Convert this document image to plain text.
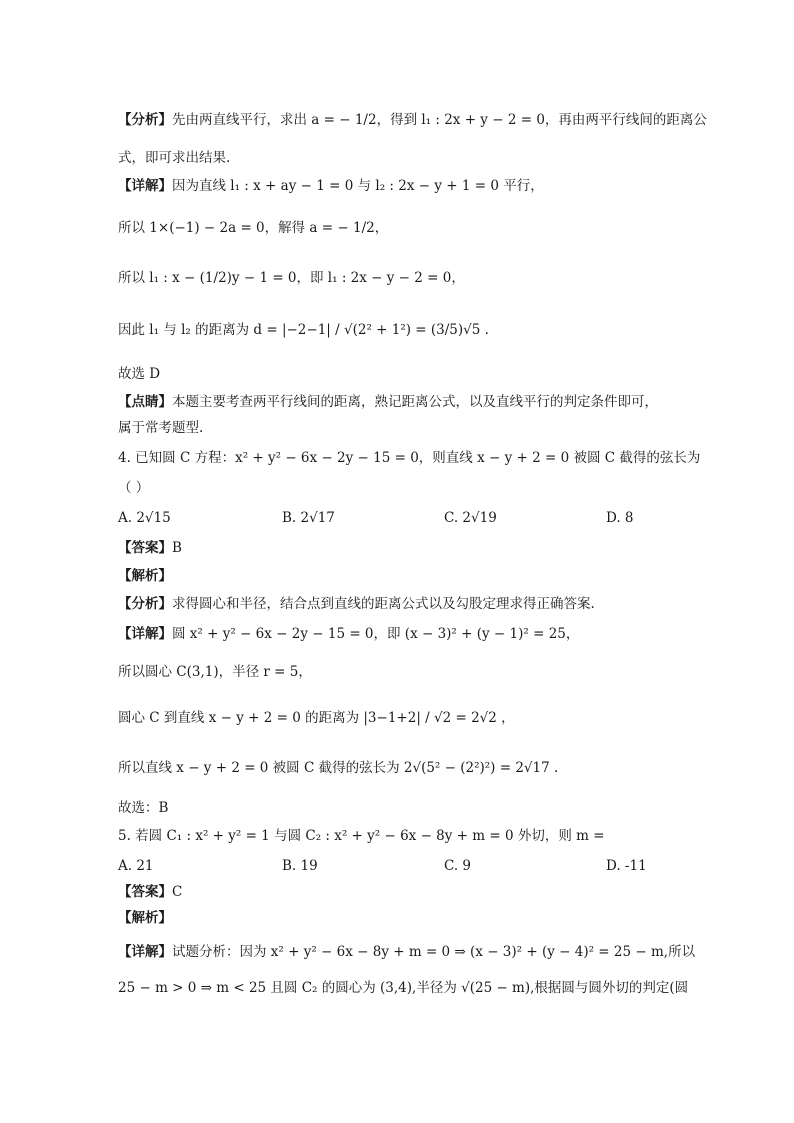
【分析】先由两直线平行，求出 a = − 1/2，得到 l₁ : 2x + y − 2 = 0，再由两平行线间的距离公
式，即可求出结果.
【详解】因为直线 l₁ : x + ay − 1 = 0 与 l₂ : 2x − y + 1 = 0 平行，
所以 1×(−1) − 2a = 0，解得 a = − 1/2，
所以 l₁ : x − (1/2)y − 1 = 0，即 l₁ : 2x − y − 2 = 0，
因此 l₁ 与 l₂ 的距离为 d = |−2−1| / √(2² + 1²) = (3/5)√5 .
故选 D
【点睛】本题主要考查两平行线间的距离，熟记距离公式，以及直线平行的判定条件即可，
属于常考题型.
4. 已知圆 C 方程：x² + y² − 6x − 2y − 15 = 0，则直线 x − y + 2 = 0 被圆 C 截得的弦长为
（ ）
A. 2√15	B. 2√17	C. 2√19	D. 8
【答案】B
【解析】
【分析】求得圆心和半径，结合点到直线的距离公式以及勾股定理求得正确答案.
【详解】圆 x² + y² − 6x − 2y − 15 = 0，即 (x − 3)² + (y − 1)² = 25，
所以圆心 C(3,1)，半径 r = 5，
圆心 C 到直线 x − y + 2 = 0 的距离为 |3−1+2| / √2 = 2√2 ，
所以直线 x − y + 2 = 0 被圆 C 截得的弦长为 2√(5² − (2²)²) = 2√17 .
故选：B
5. 若圆 C₁ : x² + y² = 1 与圆 C₂ : x² + y² − 6x − 8y + m = 0 外切，则 m =
A. 21	B. 19	C. 9	D. -11
【答案】C
【解析】
【详解】试题分析：因为 x² + y² − 6x − 8y + m = 0 ⇒ (x − 3)² + (y − 4)² = 25 − m,所以
25 − m > 0 ⇒ m < 25 且圆 C₂ 的圆心为 (3,4),半径为 √(25 − m),根据圆与圆外切的判定(圆
